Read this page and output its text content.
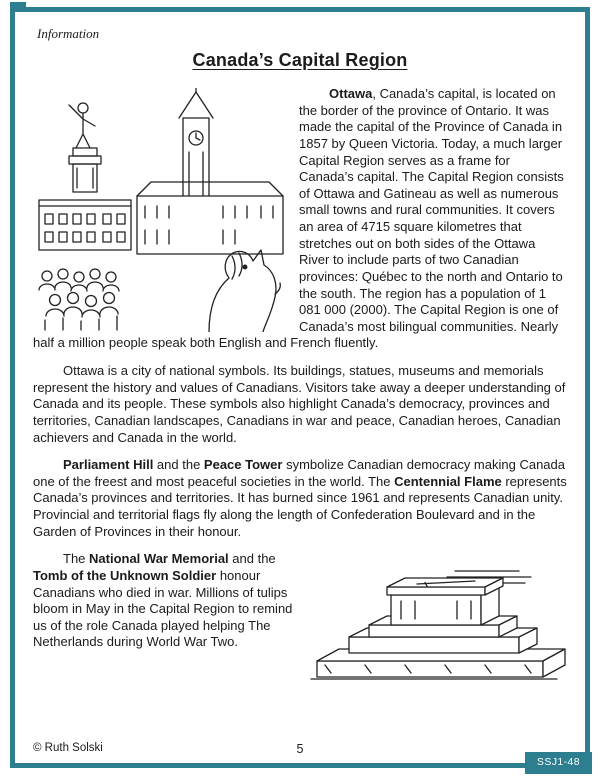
Information
Canada’s Capital Region
Ottawa, Canada’s capital, is located on the border of the province of Ontario. It was made the capital of the Province of Canada in 1857 by Queen Victoria. Today, a much larger Capital Region serves as a frame for Canada’s capital. The Capital Region consists of Ottawa and Gatineau as well as numerous small towns and rural communities. It covers an area of 4715 square kilometres that stretches out on both sides of the Ottawa River to include parts of two Canadian provinces: Québec to the north and Ontario to the south. The region has a population of 1 081 000 (2000). The Capital Region is one of Canada’s most bilingual communities. Nearly half a million people speak both English and French fluently.
Ottawa is a city of national symbols. Its buildings, statues, museums and memorials represent the history and values of Canadians. Visitors take away a deeper understanding of Canada and its people. These symbols also highlight Canada’s democracy, provinces and territories, Canadian landscapes, Canadians in war and peace, Canadian heroes, Canadian achievers and Canada in the world.
Parliament Hill and the Peace Tower symbolize Canadian democracy making Canada one of the freest and most peaceful societies in the world. The Centennial Flame represents Canada’s provinces and territories. It has burned since 1961 and represents Canadian unity. Provincial and territorial flags fly along the length of Confederation Boulevard and in the Garden of Provinces in their honour.
The National War Memorial and the Tomb of the Unknown Soldier honour Canadians who died in war. Millions of tulips bloom in May in the Capital Region to remind us of the role Canada played helping The Netherlands during World War Two.
© Ruth Solski	5
SSJ1-48
